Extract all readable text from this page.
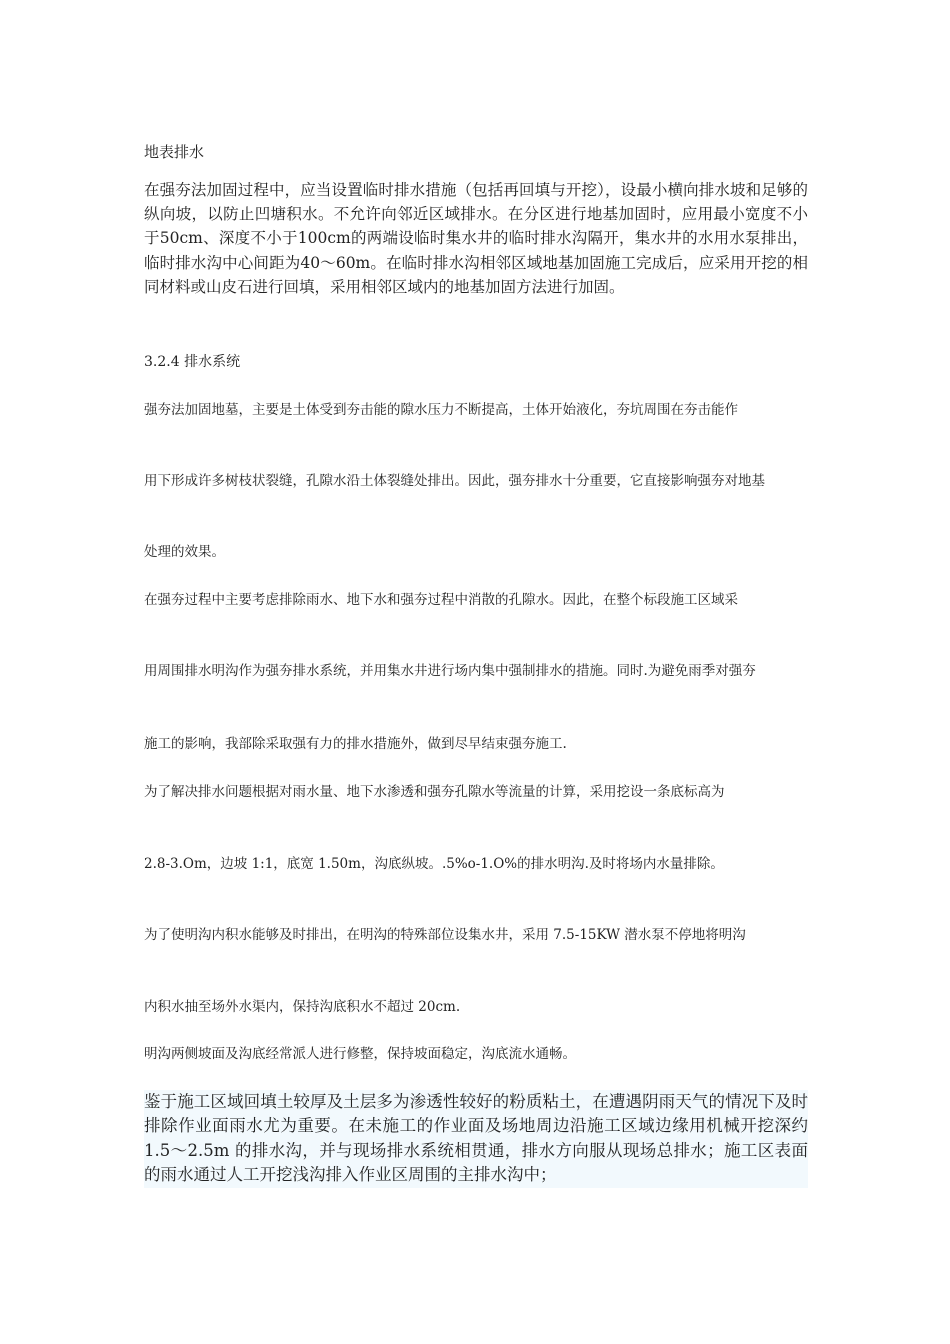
地表排水
在强夯法加固过程中，应当设置临时排水措施（包括再回填与开挖），设最小横向排水坡和足够的纵向坡，以防止凹塘积水。不允许向邻近区域排水。在分区进行地基加固时，应用最小宽度不小于50cm、深度不小于100cm的两端设临时集水井的临时排水沟隔开，集水井的水用水泵排出，临时排水沟中心间距为40～60m。在临时排水沟相邻区域地基加固施工完成后，应采用开挖的相同材料或山皮石进行回填，采用相邻区域内的地基加固方法进行加固。
3.2.4 排水系统
强夯法加固地墓，主要是土体受到夯击能的隙水压力不断提高，土体开始液化，夯坑周围在夯击能作
用下形成许多树枝状裂缝，孔隙水沿土体裂缝处排出。因此，强夯排水十分重要，它直接影响强夯对地基
处理的效果。
在强夯过程中主要考虑排除雨水、地下水和强夯过程中消散的孔隙水。因此，在整个标段施工区域采
用周围排水明沟作为强夯排水系统，并用集水井进行场内集中强制排水的措施。同时.为避免雨季对强夯
施工的影响，我部除采取强有力的排水措施外，做到尽早结束强夯施工.
为了解决排水问题根据对雨水量、地下水渗透和强夯孔隙水等流量的计算，采用挖设一条底标高为
2.8-3.Om，边坡 1:1，底宽 1.50m，沟底纵坡。.5%o-1.O%的排水明沟.及时将场内水量排除。
为了使明沟内积水能够及时排出，在明沟的特殊部位设集水井，采用 7.5-15KW 潜水泵不停地将明沟
内积水抽至场外水渠内，保持沟底积水不超过 20cm.
明沟两侧坡面及沟底经常派人进行修整，保持坡面稳定，沟底流水通畅。
鉴于施工区域回填土较厚及土层多为渗透性较好的粉质粘土，在遭遇阴雨天气的情况下及时排除作业面雨水尤为重要。在未施工的作业面及场地周边沿施工区域边缘用机械开挖深约 1.5～2.5m 的排水沟，并与现场排水系统相贯通，排水方向服从现场总排水；施工区表面的雨水通过人工开挖浅沟排入作业区周围的主排水沟中；
